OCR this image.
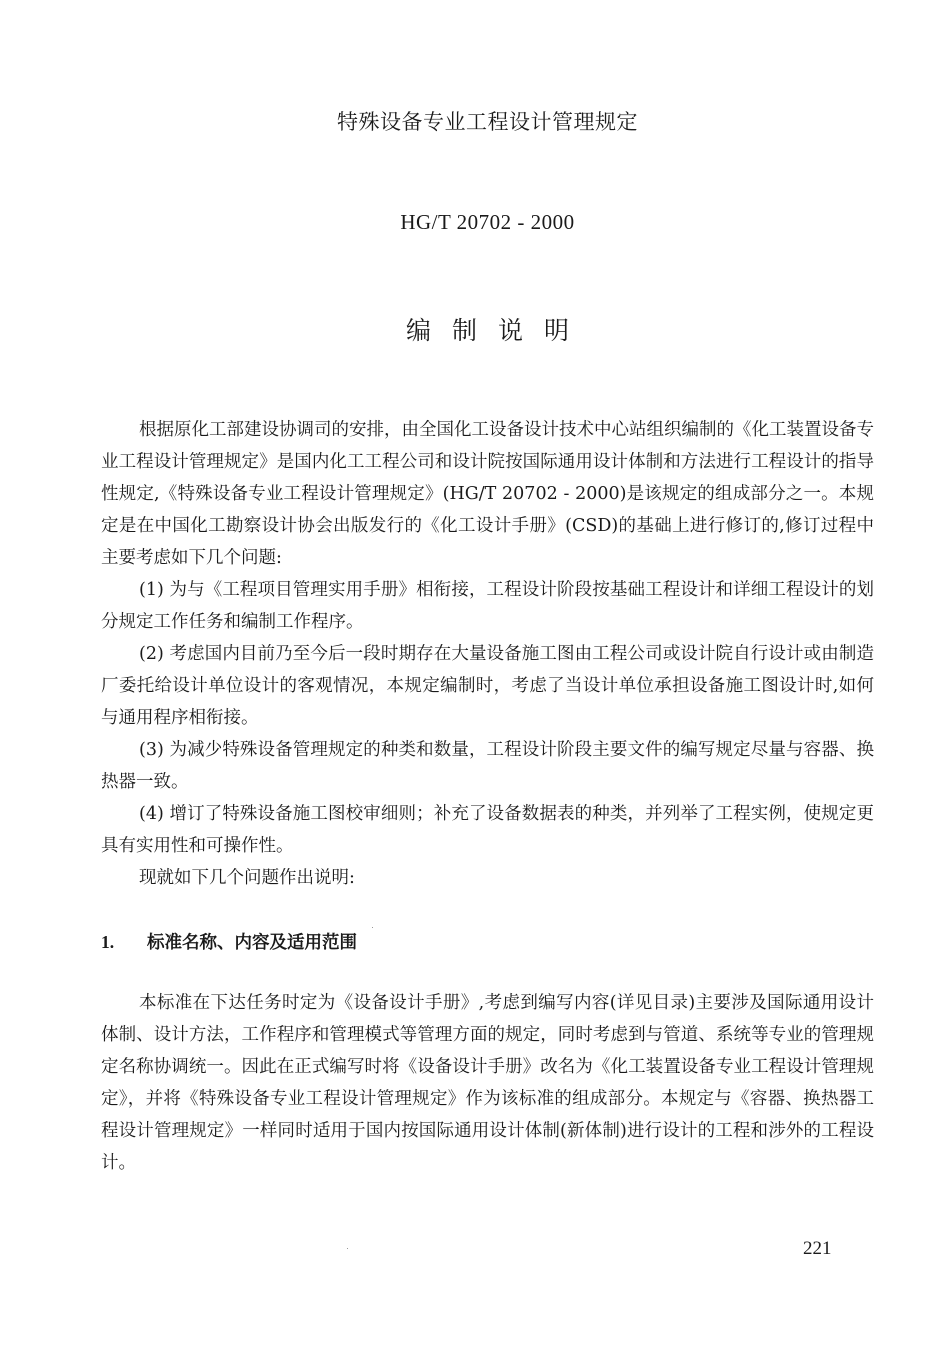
特殊设备专业工程设计管理规定
HG/T 20702 - 2000
编制说明

根据原化工部建设协调司的安排，由全国化工设备设计技术中心站组织编制的《化工装置设备专业工程设计管理规定》是国内化工工程公司和设计院按国际通用设计体制和方法进行工程设计的指导性规定,《特殊设备专业工程设计管理规定》(HG/T 20702 - 2000)是该规定的组成部分之一。本规定是在中国化工勘察设计协会出版发行的《化工设计手册》(CSD)的基础上进行修订的,修订过程中主要考虑如下几个问题:

(1) 为与《工程项目管理实用手册》相衔接，工程设计阶段按基础工程设计和详细工程设计的划分规定工作任务和编制工作程序。

(2) 考虑国内目前乃至今后一段时期存在大量设备施工图由工程公司或设计院自行设计或由制造厂委托给设计单位设计的客观情况，本规定编制时，考虑了当设计单位承担设备施工图设计时,如何与通用程序相衔接。

(3) 为减少特殊设备管理规定的种类和数量，工程设计阶段主要文件的编写规定尽量与容器、换热器一致。

(4) 增订了特殊设备施工图校审细则；补充了设备数据表的种类，并列举了工程实例，使规定更具有实用性和可操作性。

现就如下几个问题作出说明:

1. 标准名称、内容及适用范围

本标准在下达任务时定为《设备设计手册》,考虑到编写内容(详见目录)主要涉及国际通用设计体制、设计方法，工作程序和管理模式等管理方面的规定，同时考虑到与管道、系统等专业的管理规定名称协调统一。因此在正式编写时将《设备设计手册》改名为《化工装置设备专业工程设计管理规定》，并将《特殊设备专业工程设计管理规定》作为该标准的组成部分。本规定与《容器、换热器工程设计管理规定》一样同时适用于国内按国际通用设计体制(新体制)进行设计的工程和涉外的工程设计。

221
